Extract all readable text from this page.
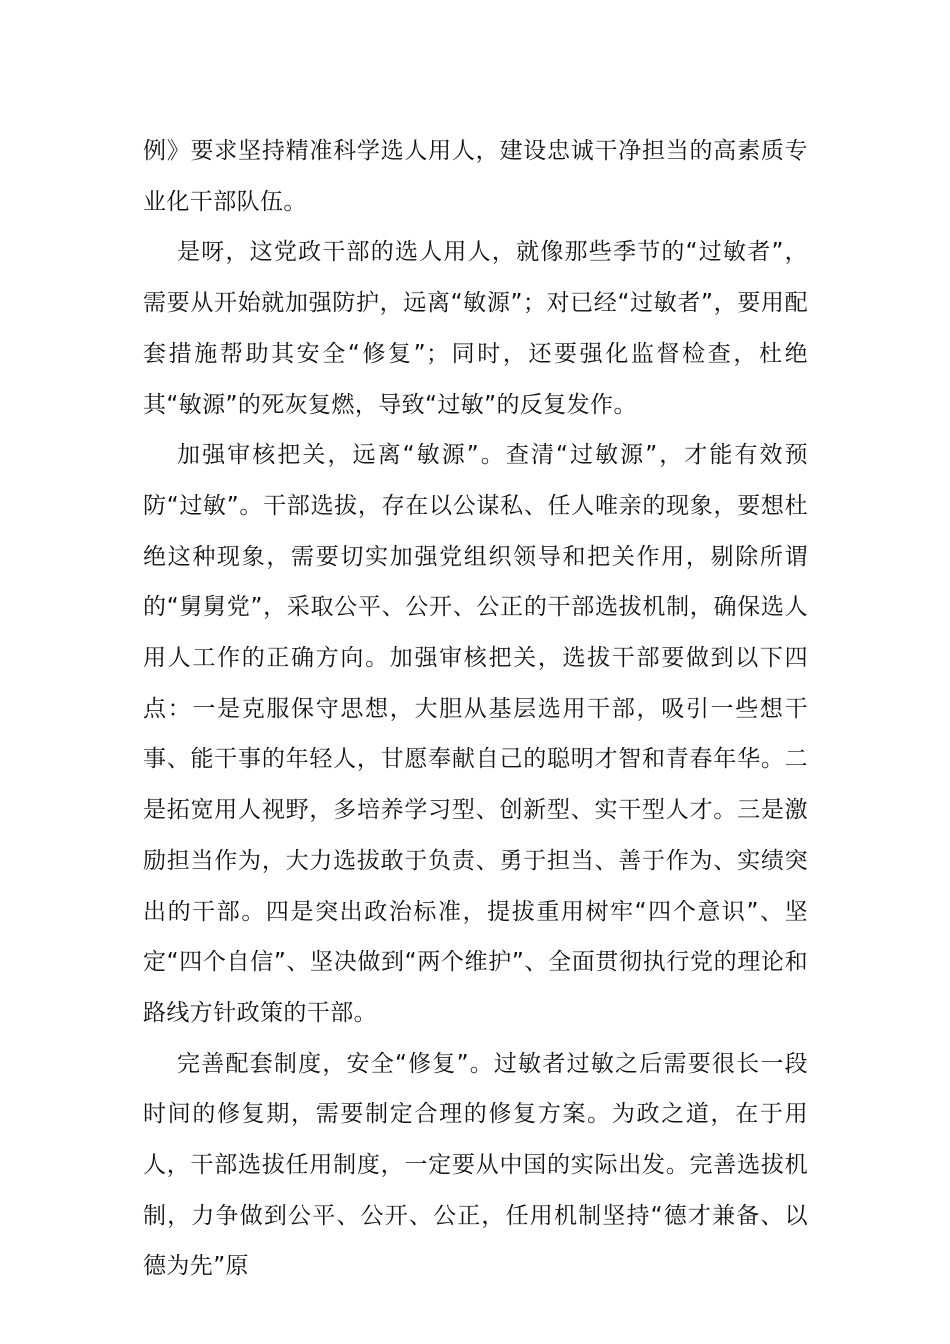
例》要求坚持精准科学选人用人，建设忠诚干净担当的高素质专业化干部队伍。

是呀，这党政干部的选人用人，就像那些季节的“过敏者”，需要从开始就加强防护，远离“敏源”；对已经“过敏者”，要用配套措施帮助其安全“修复”；同时，还要强化监督检查，杜绝其“敏源”的死灰复燃，导致“过敏”的反复发作。

加强审核把关，远离“敏源”。查清“过敏源”，才能有效预防“过敏”。干部选拔，存在以公谋私、任人唯亲的现象，要想杜绝这种现象，需要切实加强党组织领导和把关作用，剔除所谓的“舅舅党”，采取公平、公开、公正的干部选拔机制，确保选人用人工作的正确方向。加强审核把关，选拔干部要做到以下四点：一是克服保守思想，大胆从基层选用干部，吸引一些想干事、能干事的年轻人，甘愿奉献自己的聪明才智和青春年华。二是拓宽用人视野，多培养学习型、创新型、实干型人才。三是激励担当作为，大力选拔敢于负责、勇于担当、善于作为、实绩突出的干部。四是突出政治标准，提拔重用树牢“四个意识”、坚定“四个自信”、坚决做到“两个维护”、全面贯彻执行党的理论和路线方针政策的干部。

完善配套制度，安全“修复”。过敏者过敏之后需要很长一段时间的修复期，需要制定合理的修复方案。为政之道，在于用人，干部选拔任用制度，一定要从中国的实际出发。完善选拔机制，力争做到公平、公开、公正，任用机制坚持“德才兼备、以德为先”原
